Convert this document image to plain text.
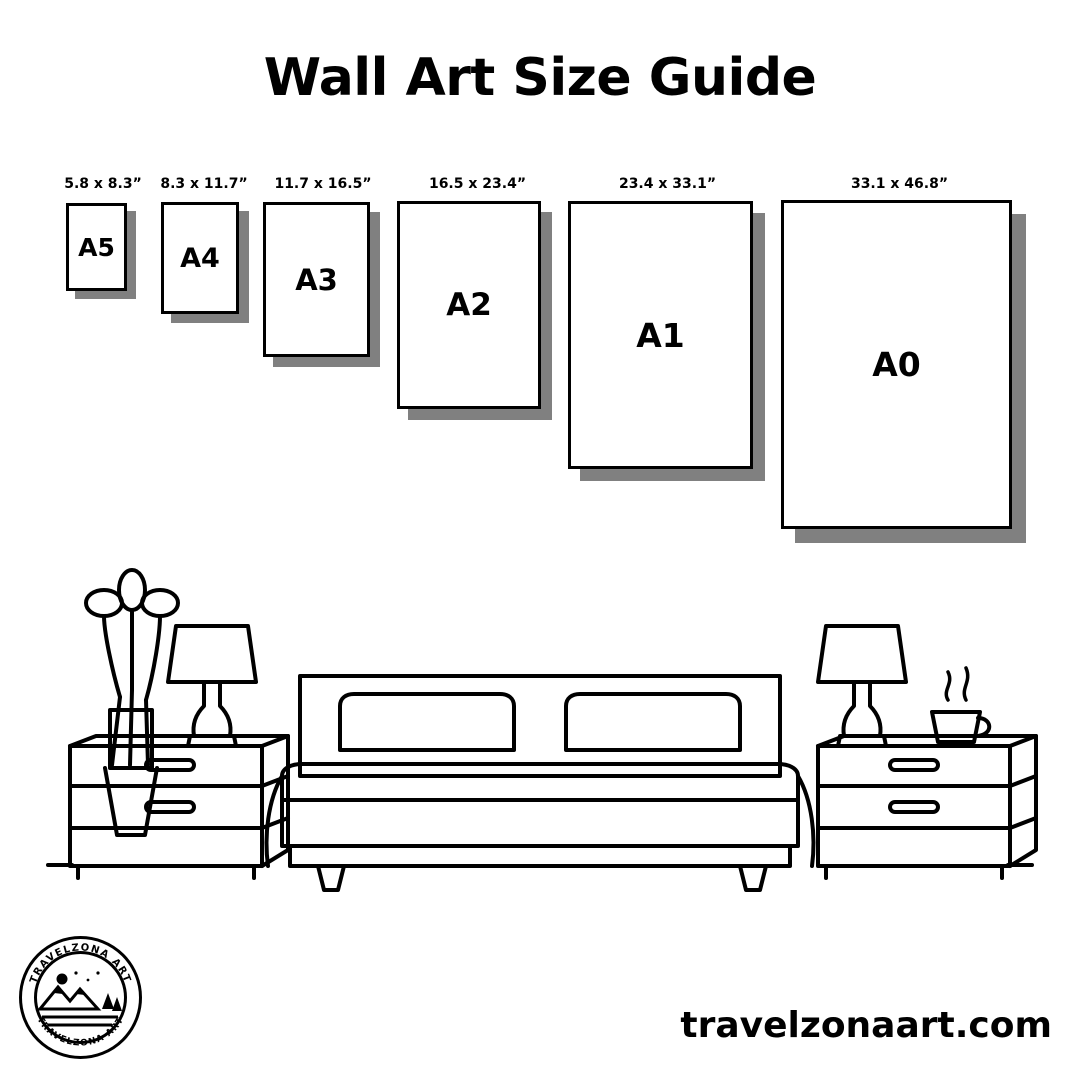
Wall Art Size Guide
5.8 x 8.3”
A5
8.3 x 11.7”
A4
11.7 x 16.5”
A3
16.5 x 23.4”
A2
23.4 x 33.1”
A1
33.1 x 46.8”
A0
TRAVELZONA ART
TRAVELZONA ART	travelzonaart.com
